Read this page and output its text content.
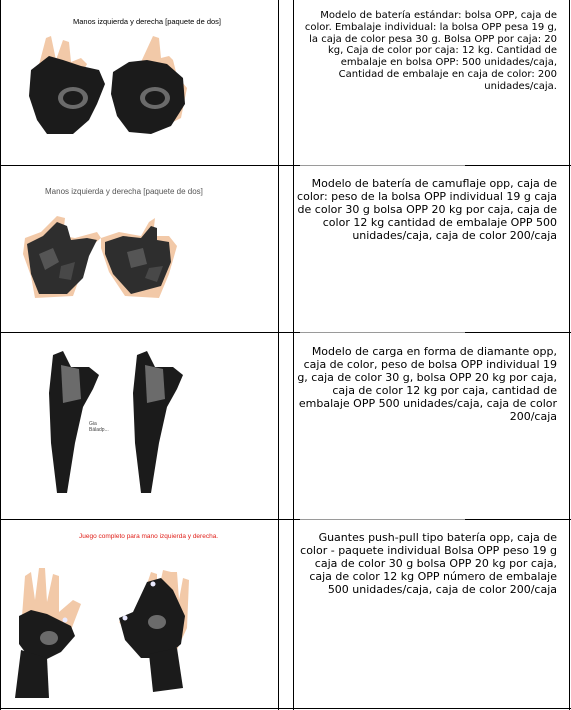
Manos izquierda y derecha [paquete de dos]
Modelo de batería estándar: bolsa OPP, caja de color. Embalaje individual: la bolsa OPP pesa 19 g, la caja de color pesa 30 g. Bolsa OPP por caja: 20 kg, Caja de color por caja: 12 kg. Cantidad de embalaje en bolsa OPP: 500 unidades/caja, Cantidad de embalaje en caja de color: 200 unidades/caja.
Manos izquierda y derecha [paquete de dos]
Modelo de batería de camuflaje opp, caja de color: peso de la bolsa OPP individual 19 g caja de color 30 g bolsa OPP 20 kg por caja, caja de color 12 kg cantidad de embalaje OPP 500 unidades/caja, caja de color 200/caja
Gia Báladp...
Modelo de carga en forma de diamante opp, caja de color, peso de bolsa OPP individual 19 g, caja de color 30 g, bolsa OPP 20 kg por caja, caja de color 12 kg por caja, cantidad de embalaje OPP 500 unidades/caja, caja de color 200/caja
Juego completo para mano izquierda y derecha.	Guantes push-pull tipo batería opp, caja de color - paquete individual Bolsa OPP peso 19 g caja de color 30 g bolsa OPP 20 kg por caja, caja de color 12 kg OPP número de embalaje 500 unidades/caja, caja de color 200/caja
